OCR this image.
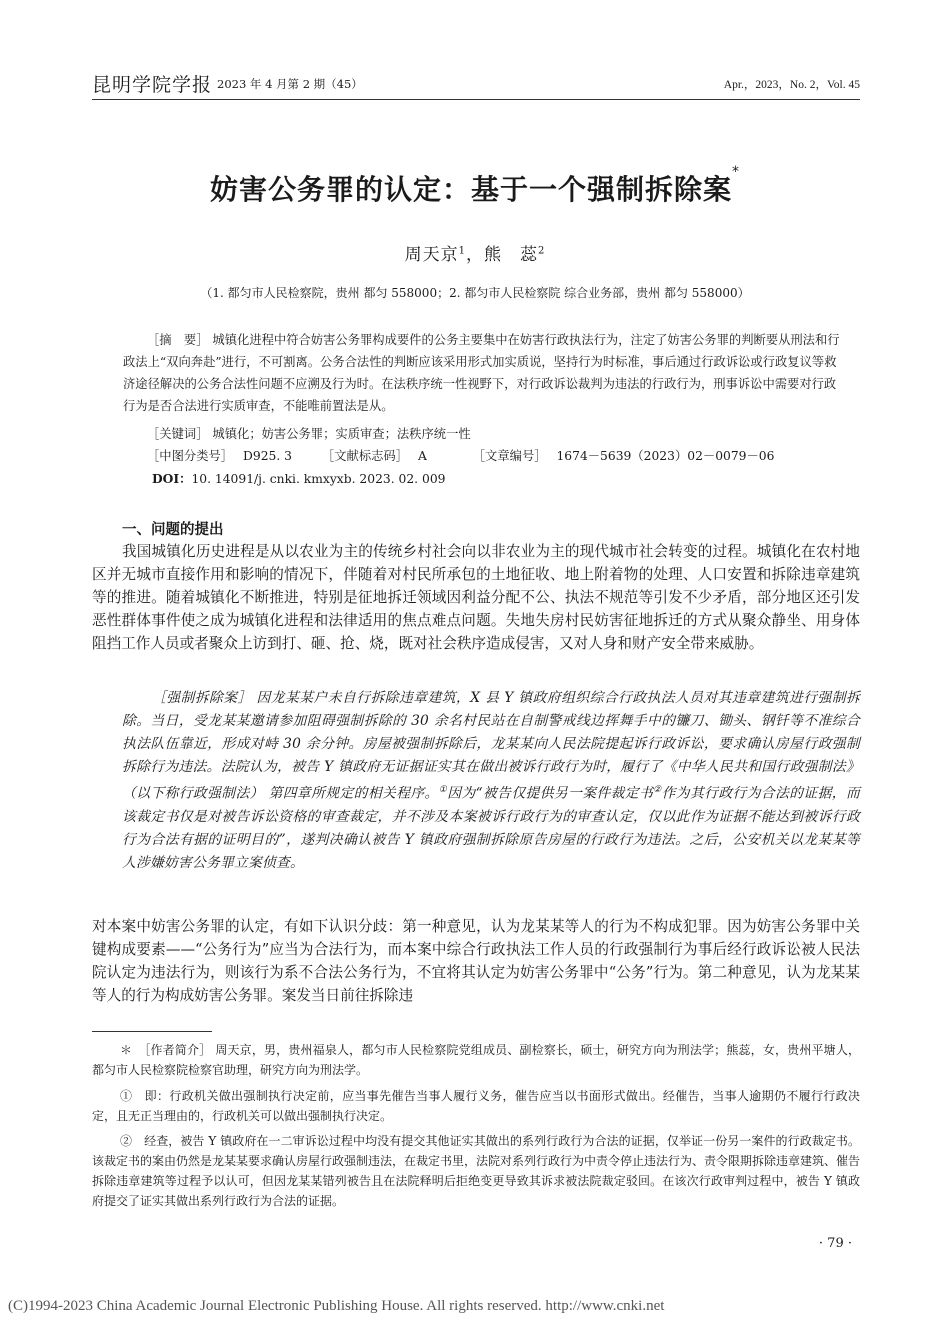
昆明学院学报 2023 年 4 月第 2 期（45）	Apr.，2023，No. 2，Vol. 45
妨害公务罪的认定：基于一个强制拆除案*
周天京$^1$，熊　蕊$^2$
（1. 都匀市人民检察院，贵州 都匀 558000；2. 都匀市人民检察院 综合业务部，贵州 都匀 558000）

［摘　要］ 城镇化进程中符合妨害公务罪构成要件的公务主要集中在妨害行政执法行为，注定了妨害公务罪的判断要从刑法和行政法上“双向奔赴”进行，不可割离。公务合法性的判断应该采用形式加实质说，坚持行为时标准，事后通过行政诉讼或行政复议等救济途径解决的公务合法性问题不应溯及行为时。在法秩序统一性视野下，对行政诉讼裁判为违法的行政行为，刑事诉讼中需要对行政行为是否合法进行实质审查，不能唯前置法是从。

［关键词］ 城镇化；妨害公务罪；实质审查；法秩序统一性
［中图分类号］ D925. 3 ［文献标志码］ A	［文章编号］ 1674－5639（2023）02－0079－06
DOI：10. 14091/j. cnki. kmxyxb. 2023. 02. 009
一、问题的提出

我国城镇化历史进程是从以农业为主的传统乡村社会向以非农业为主的现代城市社会转变的过程。城镇化在农村地区并无城市直接作用和影响的情况下，伴随着对村民所承包的土地征收、地上附着物的处理、人口安置和拆除违章建筑等的推进。随着城镇化不断推进，特别是征地拆迁领域因利益分配不公、执法不规范等引发不少矛盾，部分地区还引发恶性群体事件使之成为城镇化进程和法律适用的焦点难点问题。失地失房村民妨害征地拆迁的方式从聚众静坐、用身体阻挡工作人员或者聚众上访到打、砸、抢、烧，既对社会秩序造成侵害，又对人身和财产安全带来威胁。

［强制拆除案］ 因龙某某户未自行拆除违章建筑，X 县 Y 镇政府组织综合行政执法人员对其违章建筑进行强制拆除。当日，受龙某某邀请参加阻碍强制拆除的 30 余名村民站在自制警戒线边挥舞手中的镰刀、锄头、钢钎等不准综合执法队伍靠近，形成对峙 30 余分钟。房屋被强制拆除后，龙某某向人民法院提起诉行政诉讼，要求确认房屋行政强制拆除行为违法。法院认为，被告 Y 镇政府无证据证实其在做出被诉行政行为时，履行了《中华人民共和国行政强制法》（以下称行政强制法） 第四章所规定的相关程序。①因为“被告仅提供另一案件裁定书②作为其行政行为合法的证据，而该裁定书仅是对被告诉讼资格的审查裁定，并不涉及本案被诉行政行为的审查认定，仅以此作为证据不能达到被诉行政行为合法有据的证明目的”，遂判决确认被告 Y 镇政府强制拆除原告房屋的行政行为违法。之后，公安机关以龙某某等人涉嫌妨害公务罪立案侦查。

对本案中妨害公务罪的认定，有如下认识分歧：第一种意见，认为龙某某等人的行为不构成犯罪。因为妨害公务罪中关键构成要素——“公务行为”应当为合法行为，而本案中综合行政执法工作人员的行政强制行为事后经行政诉讼被人民法院认定为违法行为，则该行为系不合法公务行为，不宜将其认定为妨害公务罪中“公务”行为。第二种意见，认为龙某某等人的行为构成妨害公务罪。案发当日前往拆除违

＊　［作者简介］ 周天京，男，贵州福泉人，都匀市人民检察院党组成员、副检察长，硕士，研究方向为刑法学；熊蕊，女，贵州平塘人，都匀市人民检察院检察官助理，研究方向为刑法学。

①　即：行政机关做出强制执行决定前，应当事先催告当事人履行义务，催告应当以书面形式做出。经催告，当事人逾期仍不履行行政决定，且无正当理由的，行政机关可以做出强制执行决定。

②　经查，被告 Y 镇政府在一二审诉讼过程中均没有提交其他证实其做出的系列行政行为合法的证据，仅举证一份另一案件的行政裁定书。该裁定书的案由仍然是龙某某要求确认房屋行政强制违法，在裁定书里，法院对系列行政行为中责令停止违法行为、责令限期拆除违章建筑、催告拆除违章建筑等过程予以认可，但因龙某某错列被告且在法院释明后拒绝变更导致其诉求被法院裁定驳回。在该次行政审判过程中，被告 Y 镇政府提交了证实其做出系列行政行为合法的证据。

· 79 ·
(C)1994-2023 China Academic Journal Electronic Publishing House. All rights reserved. http://www.cnki.net
